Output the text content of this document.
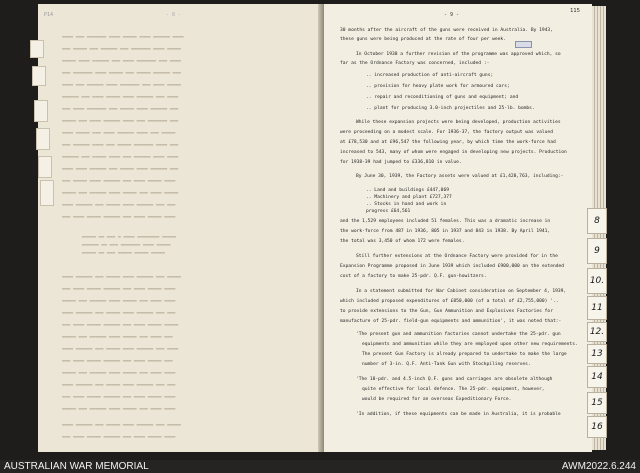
P14	- 8 -
▬▬▬▬ ▬▬▬ ▬▬▬▬▬▬▬ ▬▬▬▬ ▬▬▬▬▬ ▬▬▬▬ ▬▬▬▬▬▬ ▬▬▬▬
▬▬▬ ▬▬▬▬▬ ▬▬▬ ▬▬▬▬▬▬ ▬▬▬ ▬▬▬▬▬▬▬ ▬▬▬▬ ▬▬▬▬▬
▬▬▬▬▬ ▬▬▬▬ ▬▬▬▬▬▬ ▬▬▬ ▬▬▬▬ ▬▬▬▬▬▬▬ ▬▬▬ ▬▬▬▬
▬▬▬ ▬▬▬▬▬▬▬ ▬▬▬▬ ▬▬▬▬▬ ▬▬▬ ▬▬▬▬▬ ▬▬▬▬▬▬ ▬▬▬
▬▬▬▬ ▬▬▬ ▬▬▬▬▬▬ ▬▬▬▬ ▬▬▬▬▬▬▬ ▬▬▬ ▬▬▬▬ ▬▬▬▬▬
▬▬▬▬▬▬ ▬▬▬ ▬▬▬▬ ▬▬▬▬▬ ▬▬▬▬ ▬▬▬▬▬▬ ▬▬▬ ▬▬▬▬
▬▬▬ ▬▬▬▬ ▬▬▬▬▬▬▬ ▬▬▬ ▬▬▬▬▬ ▬▬▬▬ ▬▬▬▬▬▬ ▬▬▬
▬▬▬▬▬ ▬▬▬ ▬▬▬▬ ▬▬▬▬▬▬ ▬▬▬▬ ▬▬▬ ▬▬▬▬▬▬▬ ▬▬▬
▬▬▬▬ ▬▬▬▬▬ ▬▬▬ ▬▬▬▬ ▬▬▬▬▬▬ ▬▬▬▬ ▬▬▬ ▬▬▬▬▬
▬▬▬ ▬▬▬▬▬▬ ▬▬▬▬ ▬▬▬ ▬▬▬▬▬ ▬▬▬▬▬▬▬ ▬▬▬▬ ▬▬▬
▬▬▬▬▬▬ ▬▬▬ ▬▬▬▬▬ ▬▬▬▬ ▬▬▬ ▬▬▬▬▬▬ ▬▬▬▬ ▬▬▬▬
▬▬▬▬ ▬▬▬▬ ▬▬▬▬▬▬ ▬▬▬ ▬▬▬▬▬ ▬▬▬▬ ▬▬▬▬▬▬ ▬▬▬
▬▬▬ ▬▬▬▬▬ ▬▬▬▬ ▬▬▬▬▬▬ ▬▬▬ ▬▬▬▬ ▬▬▬▬▬ ▬▬▬▬
▬▬▬▬▬ ▬▬▬ ▬▬▬▬▬▬ ▬▬▬▬ ▬▬▬▬▬ ▬▬▬ ▬▬▬▬ ▬▬▬▬▬
▬▬▬▬ ▬▬▬▬▬▬ ▬▬▬ ▬▬▬▬▬ ▬▬▬▬ ▬▬▬▬▬▬ ▬▬▬ ▬▬▬
▬▬▬ ▬▬▬▬ ▬▬▬▬▬ ▬▬▬▬▬▬ ▬▬▬ ▬▬▬▬ ▬▬▬▬▬ ▬▬▬▬
▬▬▬▬▬ ▬▬ ▬▬▬ ▬ ▬▬▬▬ ▬▬▬▬▬▬▬▬ ▬▬▬▬▬
▬▬▬▬▬▬ ▬▬ ▬▬▬ ▬▬▬▬▬▬▬ ▬▬▬▬ ▬▬▬▬▬
▬▬▬▬▬ ▬▬ ▬▬▬ ▬▬▬▬▬ ▬▬▬▬▬ ▬▬▬▬▬
▬▬▬▬ ▬▬▬▬▬▬ ▬▬▬ ▬▬▬▬▬ ▬▬▬▬ ▬▬▬▬▬▬ ▬▬▬ ▬▬▬▬▬
▬▬▬ ▬▬▬▬ ▬▬▬▬▬ ▬▬▬▬▬▬ ▬▬▬ ▬▬▬▬ ▬▬▬▬▬ ▬▬▬▬
▬▬▬▬▬ ▬▬▬ ▬▬▬▬▬▬ ▬▬▬▬ ▬▬▬▬▬ ▬▬▬ ▬▬▬▬ ▬▬▬▬
▬▬▬▬ ▬▬▬▬▬▬ ▬▬▬ ▬▬▬▬▬ ▬▬▬▬ ▬▬▬▬▬▬ ▬▬▬ ▬▬▬
▬▬▬ ▬▬▬▬ ▬▬▬▬▬ ▬▬▬▬▬▬ ▬▬▬ ▬▬▬▬ ▬▬▬▬▬ ▬▬▬▬▬
▬▬▬▬▬ ▬▬▬ ▬▬▬▬▬▬ ▬▬▬▬ ▬▬▬▬▬ ▬▬▬ ▬▬▬▬ ▬▬▬
▬▬▬▬ ▬▬▬▬▬▬ ▬▬▬ ▬▬▬▬▬ ▬▬▬▬ ▬▬▬▬▬▬ ▬▬▬ ▬▬▬▬
▬▬▬ ▬▬▬▬ ▬▬▬▬▬ ▬▬▬▬▬▬ ▬▬▬ ▬▬▬▬ ▬▬▬▬▬ ▬▬▬
▬▬▬▬▬ ▬▬▬ ▬▬▬▬▬▬ ▬▬▬▬ ▬▬▬▬▬ ▬▬▬ ▬▬▬▬ ▬▬▬▬
▬▬▬▬ ▬▬▬▬▬▬ ▬▬▬ ▬▬▬▬▬ ▬▬▬▬ ▬▬▬▬▬▬ ▬▬▬ ▬▬▬
▬▬▬ ▬▬▬▬ ▬▬▬▬▬ ▬▬▬▬▬▬ ▬▬▬ ▬▬▬▬ ▬▬▬▬▬ ▬▬▬▬
▬▬▬▬▬ ▬▬▬ ▬▬▬▬▬▬ ▬▬▬▬ ▬▬▬▬▬ ▬▬▬ ▬▬▬▬ ▬▬▬▬
▬▬▬▬ ▬▬▬▬▬▬ ▬▬▬ ▬▬▬▬▬ ▬▬▬▬ ▬▬▬▬▬▬ ▬▬▬ ▬▬▬▬▬
▬▬▬ ▬▬▬▬ ▬▬▬▬▬ ▬▬▬▬▬▬ ▬▬▬ ▬▬▬▬ ▬▬▬▬▬ ▬▬▬▬
- 9 -
115
30 months after the aircraft of the guns were received in Australia. By 1943,
these guns were being produced at the rate of four per week.
In October 1938 a further revision of the programme was approved which, so
far as the Ordnance Factory was concerned, included :-
.. increased production of anti-aircraft guns;
.. provision for heavy plate work for armoured cars;
.. repair and reconditioning of guns and equipment; and
.. plant for producing 3.0-inch projectiles and 25-lb. bombs.
While these expansion projects were being developed, production activities
were proceeding on a modest scale. For 1936-37, the factory output was valued
at £78,530 and at £96,547 the following year, by which time the work-force had
increased to 543, many of whom were engaged in developing new projects. Production
for 1938-39 had jumped to £336,810 in value.
By June 30, 1939, the Factory assets were valued at £1,428,763, including:-
.. Land and buildings £447,069
.. Machinery and plant £727,377
.. Stocks in hand and work in
progress £64,561
and the 1,529 employees included 51 females. This was a dramatic increase in
the work-force from 487 in 1936, 805 in 1937 and 843 in 1938. By April 1941,
the total was 3,450 of whom 172 were females.
Still further extensions at the Ordnance Factory were provided for in the
Expansion Programme proposed in June 1939 which included £900,000 on the extended
cost of a factory to make 25-pdr. Q.F. gun-howitzers.
In a statement submitted for War Cabinet consideration on September 4, 1939,
which included proposed expenditures of £850,000 (of a total of £2,755,000) '..
to provide extensions to the Gun, Gun Ammunition and Explosives Factories for
manufacture of 25-pdr. field-gun equipments and ammunition', it was noted that:-
'The present gun and ammunition factories cannot undertake the 25-pdr. gun
equipments and ammunition while they are employed upon other new requirements.
The present Gun Factory is already prepared to undertake to make the large
number of 3-in. Q.F. Anti-Tank Gun with Stockpiling reserves.
'The 18-pdr. and 4.5-inch Q.F. guns and carriages are obsolete although
quite effective for local defence. The 25-pdr. equipment, however,
would be required for an overseas Expeditionary Force.
'In addition, if these equipments can be made in Australia, it is probable
8
9
10.
11
12.
13
14
15
16
AUSTRALIAN WAR MEMORIAL	AWM2022.6.244
